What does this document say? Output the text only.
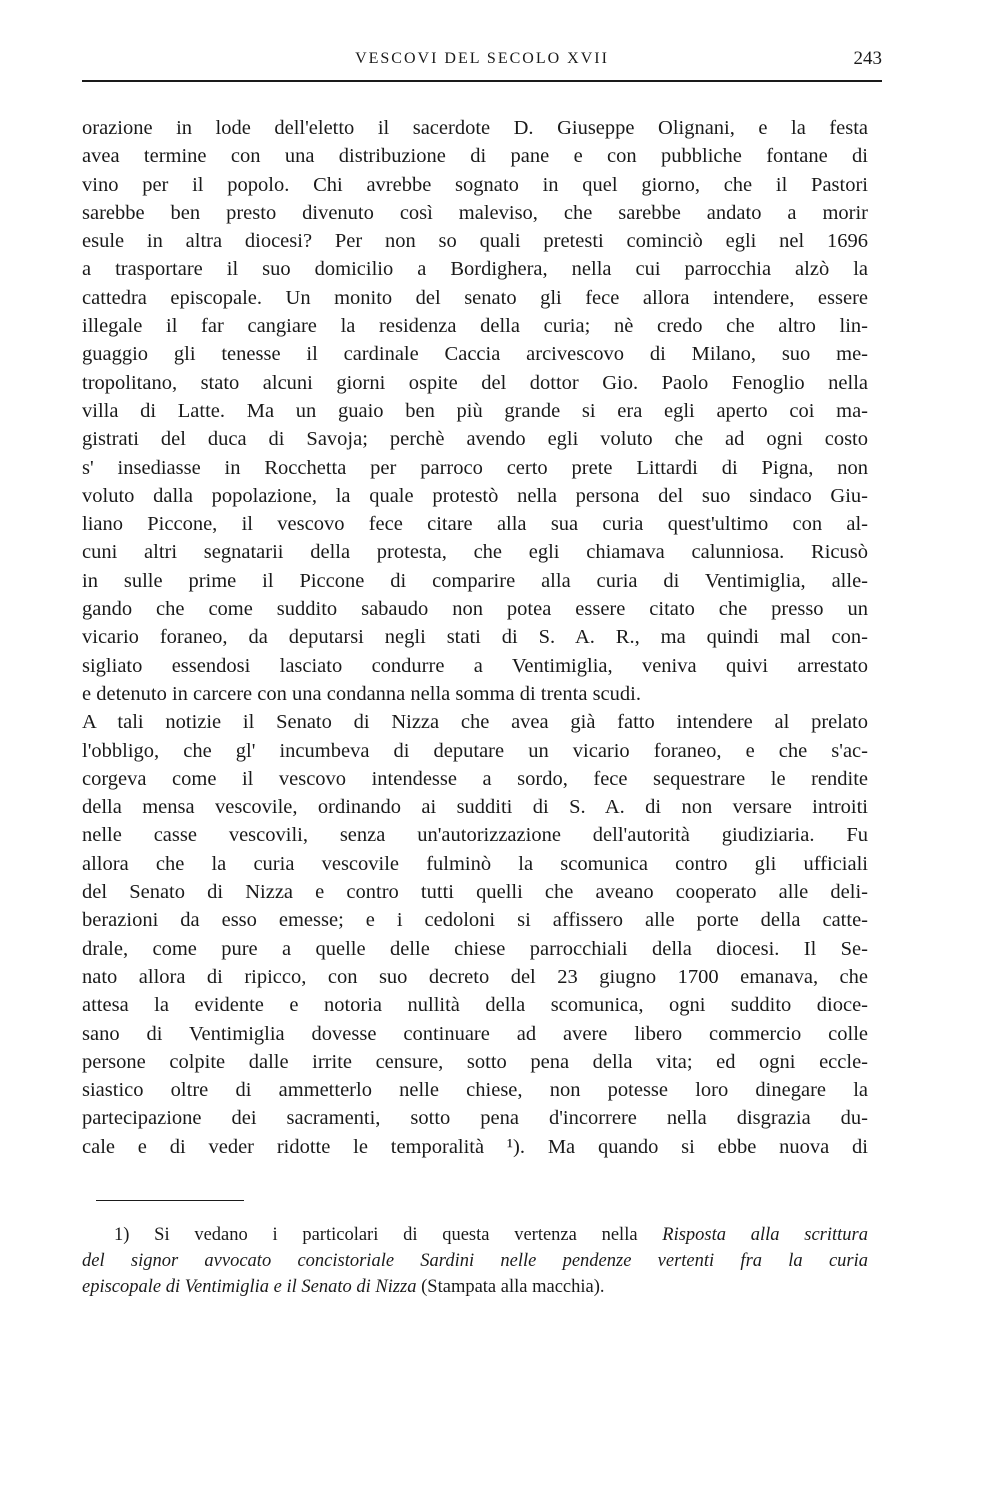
VESCOVI DEL SECOLO XVII	243
orazione in lode dell'eletto il sacerdote D. Giuseppe Olignani, e la festa
avea termine con una distribuzione di pane e con pubbliche fontane di
vino per il popolo. Chi avrebbe sognato in quel giorno, che il Pastori
sarebbe ben presto divenuto così maleviso, che sarebbe andato a morir
esule in altra diocesi? Per non so quali pretesti cominciò egli nel 1696
a trasportare il suo domicilio a Bordighera, nella cui parrocchia alzò la
cattedra episcopale. Un monito del senato gli fece allora intendere, essere
illegale il far cangiare la residenza della curia; nè credo che altro lin-
guaggio gli tenesse il cardinale Caccia arcivescovo di Milano, suo me-
tropolitano, stato alcuni giorni ospite del dottor Gio. Paolo Fenoglio nella
villa di Latte. Ma un guaio ben più grande si era egli aperto coi ma-
gistrati del duca di Savoja; perchè avendo egli voluto che ad ogni costo
s' insediasse in Rocchetta per parroco certo prete Littardi di Pigna, non
voluto dalla popolazione, la quale protestò nella persona del suo sindaco Giu-
liano Piccone, il vescovo fece citare alla sua curia quest'ultimo con al-
cuni altri segnatarii della protesta, che egli chiamava calunniosa. Ricusò
in sulle prime il Piccone di comparire alla curia di Ventimiglia, alle-
gando che come suddito sabaudo non potea essere citato che presso un
vicario foraneo, da deputarsi negli stati di S. A. R., ma quindi mal con-
sigliato essendosi lasciato condurre a Ventimiglia, veniva quivi arrestato
e detenuto in carcere con una condanna nella somma di trenta scudi.
A tali notizie il Senato di Nizza che avea già fatto intendere al prelato
l'obbligo, che gl' incumbeva di deputare un vicario foraneo, e che s'ac-
corgeva come il vescovo intendesse a sordo, fece sequestrare le rendite
della mensa vescovile, ordinando ai sudditi di S. A. di non versare introiti
nelle casse vescovili, senza un'autorizzazione dell'autorità giudiziaria. Fu
allora che la curia vescovile fulminò la scomunica contro gli ufficiali
del Senato di Nizza e contro tutti quelli che aveano cooperato alle deli-
berazioni da esso emesse; e i cedoloni si affissero alle porte della catte-
drale, come pure a quelle delle chiese parrocchiali della diocesi. Il Se-
nato allora di ripicco, con suo decreto del 23 giugno 1700 emanava, che
attesa la evidente e notoria nullità della scomunica, ogni suddito dioce-
sano di Ventimiglia dovesse continuare ad avere libero commercio colle
persone colpite dalle irrite censure, sotto pena della vita; ed ogni eccle-
siastico oltre di ammetterlo nelle chiese, non potesse loro dinegare la
partecipazione dei sacramenti, sotto pena d'incorrere nella disgrazia du-
cale e di veder ridotte le temporalità ¹). Ma quando si ebbe nuova di
1) Si vedano i particolari di questa vertenza nella Risposta alla scrittura
del signor avvocato concistoriale Sardini nelle pendenze vertenti fra la curia
episcopale di Ventimiglia e il Senato di Nizza (Stampata alla macchia).
